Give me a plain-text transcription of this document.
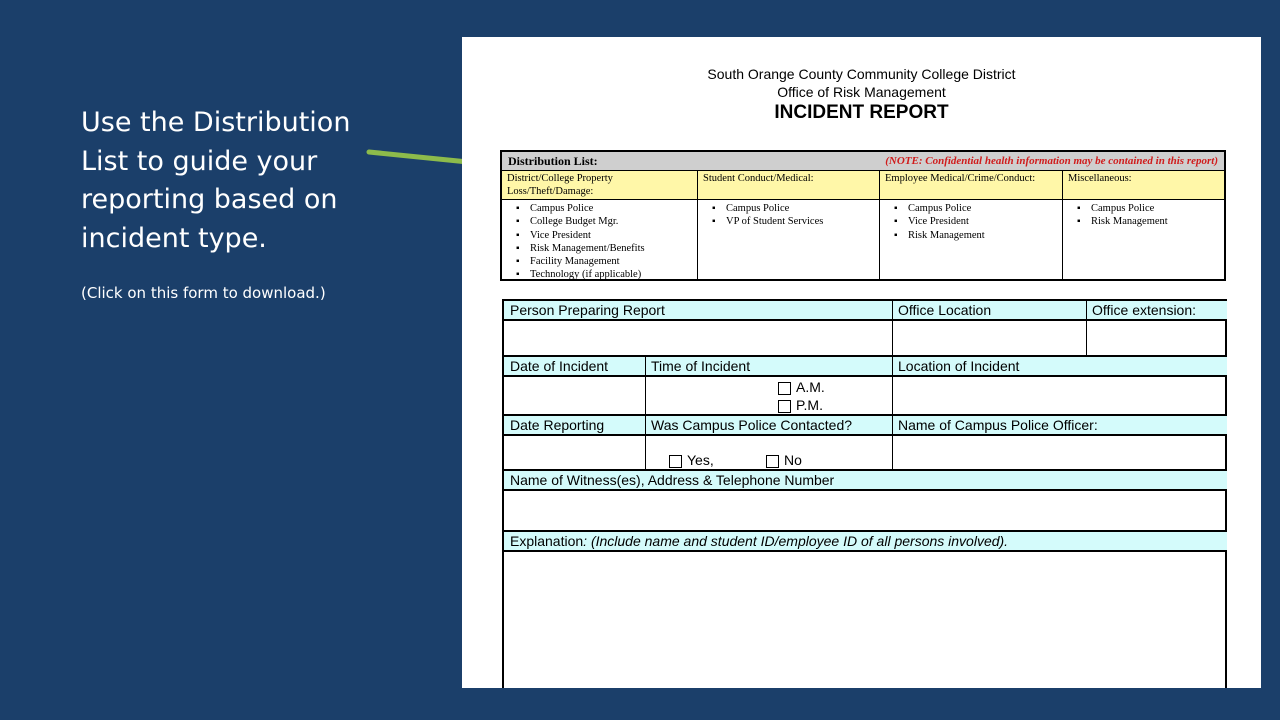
Use the Distribution List to guide your reporting based on incident type.

(Click on this form to download.)
South Orange County Community College District
Office of Risk Management
INCIDENT REPORT
Distribution List:	(NOTE: Confidential health information may be contained in this report)
District/College Property Loss/Theft/Damage:
▪ Campus Police
▪ College Budget Mgr.
▪ Vice President
▪ Risk Management/Benefits
▪ Facility Management
▪ Technology (if applicable)
Student Conduct/Medical:
▪ Campus Police
▪ VP of Student Services
Employee Medical/Crime/Conduct:
▪ Campus Police
▪ Vice President
▪ Risk Management
Miscellaneous:
▪ Campus Police
▪ Risk Management
Person Preparing Report	Office Location	Office extension:
Date of Incident	Time of Incident	Location of Incident
A.M.
P.M.
Date Reporting	Was Campus Police Contacted?	Name of Campus Police Officer:
Yes,	No
Name of Witness(es), Address & Telephone Number
Explanation: (Include name and student ID/employee ID of all persons involved).
